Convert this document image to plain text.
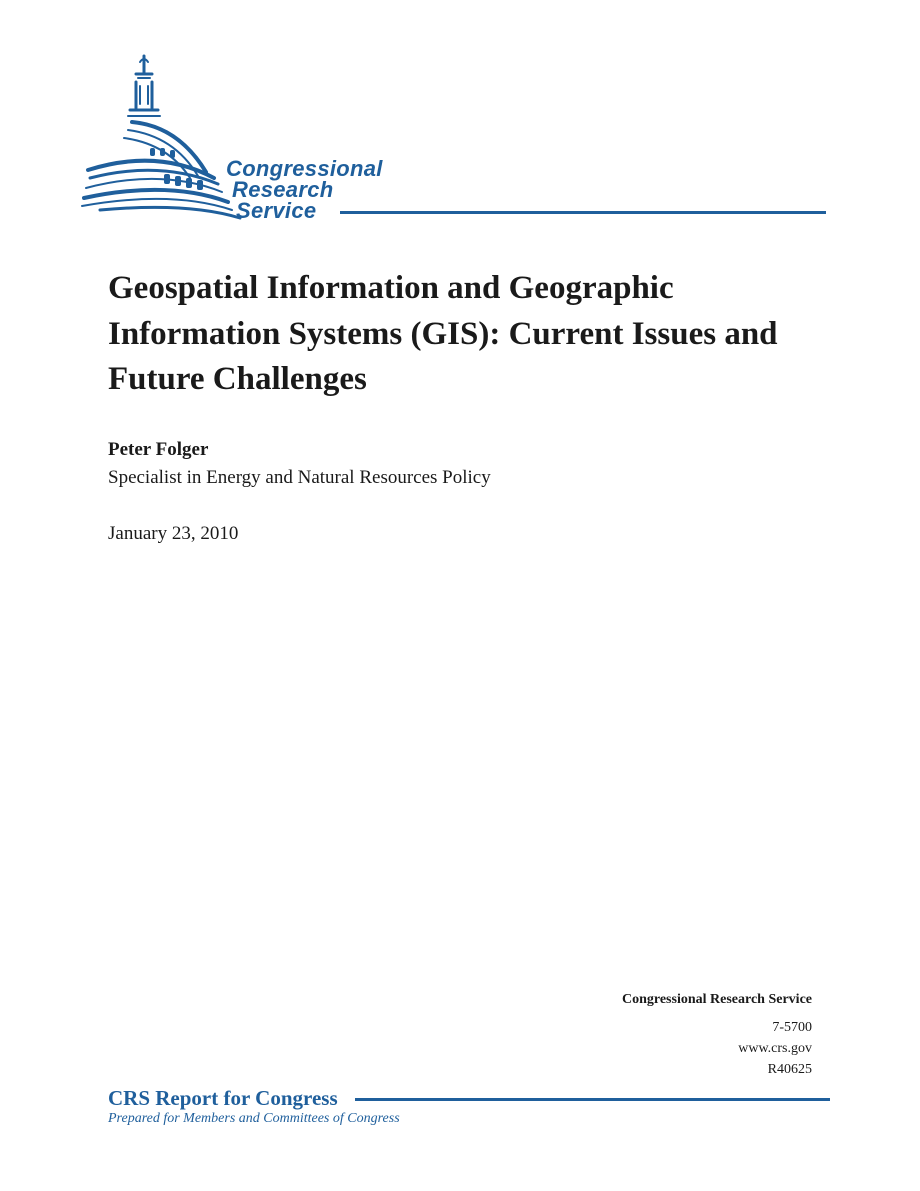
Congressional
Research
Service
Geospatial Information and Geographic Information Systems (GIS): Current Issues and Future Challenges
Peter Folger
Specialist in Energy and Natural Resources Policy
January 23, 2010
Congressional Research Service
7-5700
www.crs.gov
R40625
CRS Report for Congress
Prepared for Members and Committees of Congress
